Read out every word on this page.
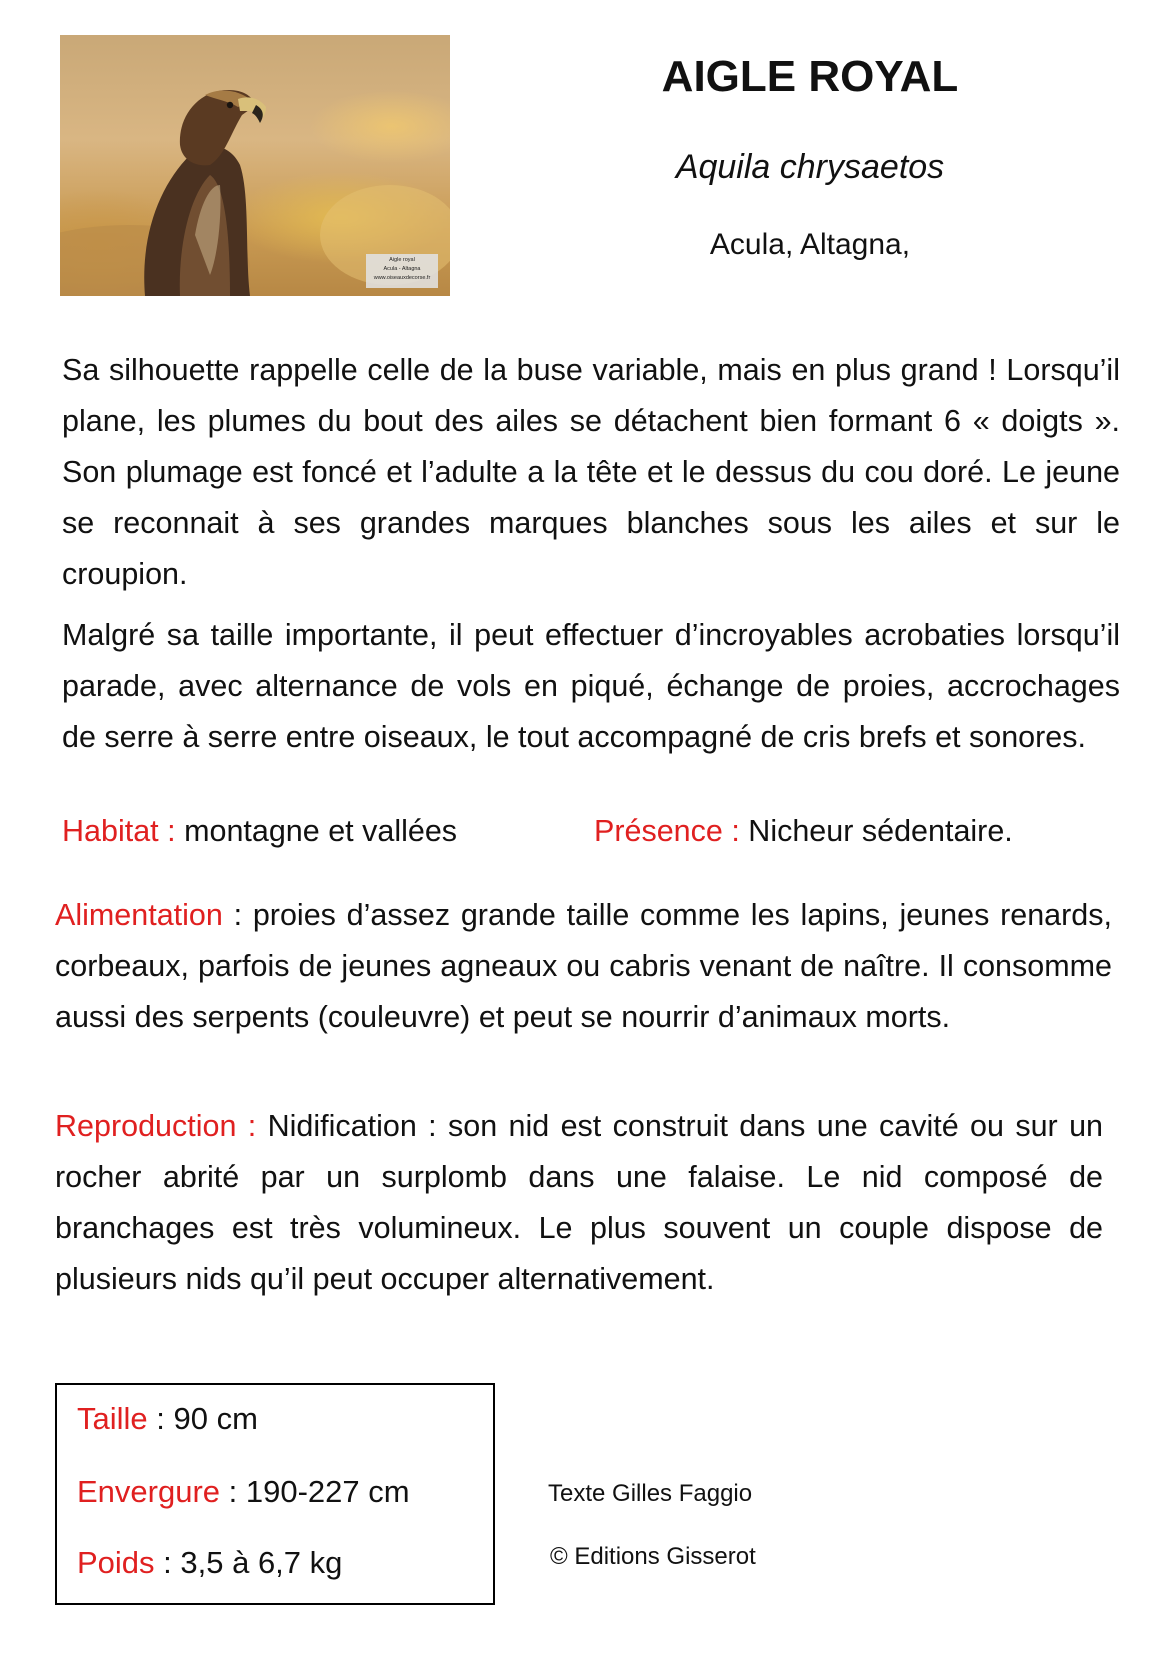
Aigle royal
Acula - Altagna
www.oiseauxdecorse.fr
AIGLE ROYAL
Aquila chrysaetos
Acula, Altagna,
Sa silhouette rappelle celle de la buse variable, mais en plus grand ! Lorsqu’il plane, les plumes du bout des ailes se détachent bien formant 6 « doigts ». Son plumage est foncé et l’adulte a la tête et le dessus du cou doré. Le jeune se reconnait à ses grandes marques blanches sous les ailes et sur le croupion.
Malgré sa taille importante, il peut effectuer d’incroyables acrobaties lorsqu’il parade, avec alternance de vols en piqué, échange de proies, accrochages de serre à serre entre oiseaux, le tout accompagné de cris brefs et sonores.
Habitat : montagne et vallées	Présence : Nicheur sédentaire.
Alimentation : proies d’assez grande taille comme les lapins, jeunes renards, corbeaux, parfois de jeunes agneaux ou cabris venant de naître. Il consomme aussi des serpents (couleuvre) et peut se nourrir d’animaux morts.
Reproduction : Nidification : son nid est construit dans une cavité ou sur un rocher abrité par un surplomb dans une falaise. Le nid composé de branchages est très volumineux. Le plus souvent un couple dispose de plusieurs nids qu’il peut occuper alternativement.
Taille : 90 cm
Envergure : 190-227 cm
Poids : 3,5 à 6,7 kg
Texte Gilles Faggio
© Editions Gisserot
